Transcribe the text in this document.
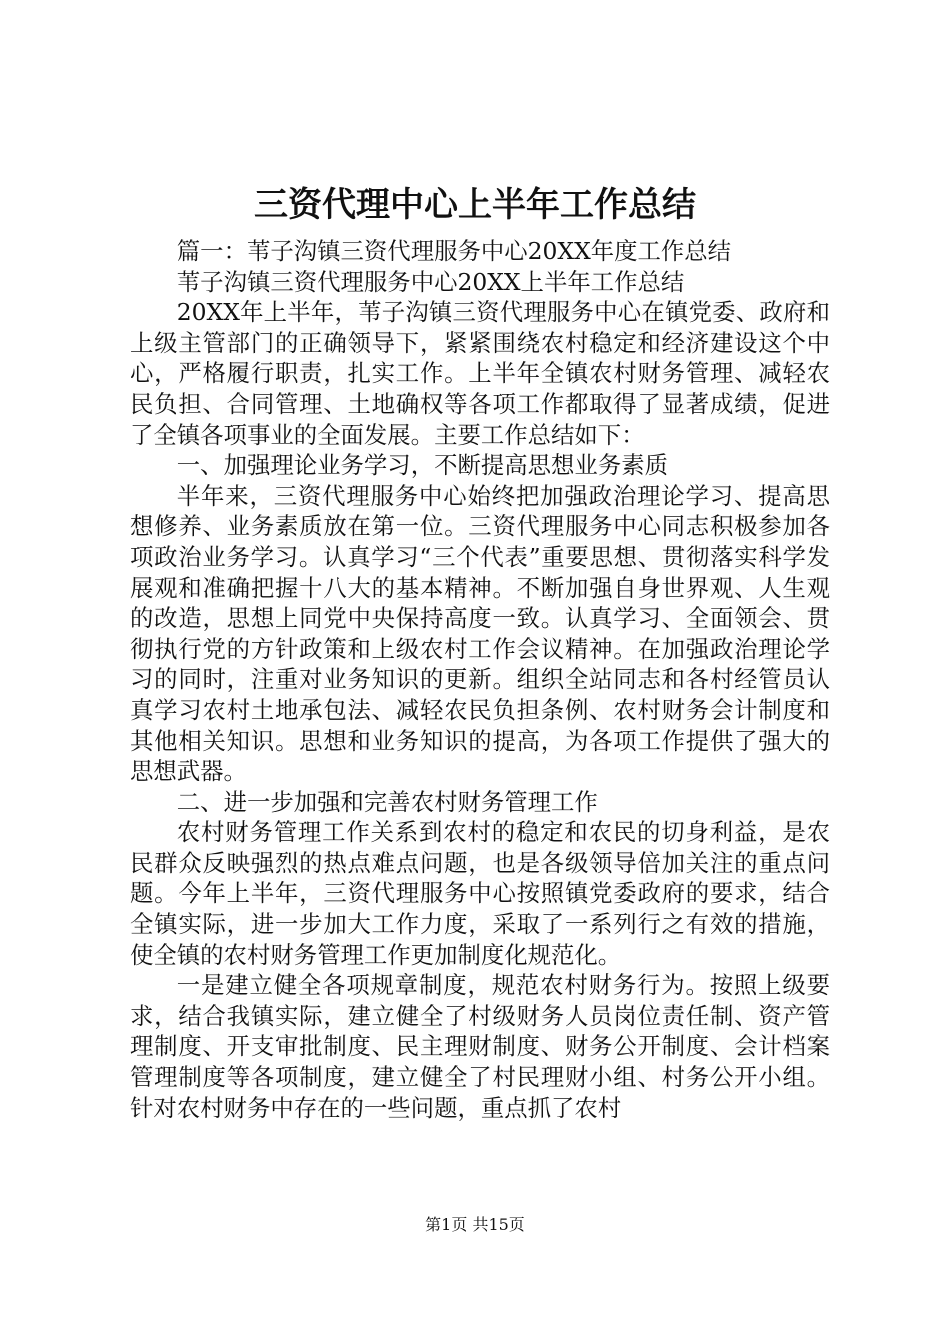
三资代理中心上半年工作总结

篇一：苇子沟镇三资代理服务中心20XX年度工作总结

苇子沟镇三资代理服务中心20XX上半年工作总结

20XX年上半年，苇子沟镇三资代理服务中心在镇党委、政府和上级主管部门的正确领导下，紧紧围绕农村稳定和经济建设这个中心，严格履行职责，扎实工作。上半年全镇农村财务管理、减轻农民负担、合同管理、土地确权等各项工作都取得了显著成绩，促进了全镇各项事业的全面发展。主要工作总结如下：

一、加强理论业务学习，不断提高思想业务素质

半年来，三资代理服务中心始终把加强政治理论学习、提高思想修养、业务素质放在第一位。三资代理服务中心同志积极参加各项政治业务学习。认真学习“三个代表”重要思想、贯彻落实科学发展观和准确把握十八大的基本精神。不断加强自身世界观、人生观的改造，思想上同党中央保持高度一致。认真学习、全面领会、贯彻执行党的方针政策和上级农村工作会议精神。在加强政治理论学习的同时，注重对业务知识的更新。组织全站同志和各村经管员认真学习农村土地承包法、减轻农民负担条例、农村财务会计制度和其他相关知识。思想和业务知识的提高，为各项工作提供了强大的思想武器。

二、进一步加强和完善农村财务管理工作

农村财务管理工作关系到农村的稳定和农民的切身利益，是农民群众反映强烈的热点难点问题，也是各级领导倍加关注的重点问题。今年上半年，三资代理服务中心按照镇党委政府的要求，结合全镇实际，进一步加大工作力度，采取了一系列行之有效的措施，使全镇的农村财务管理工作更加制度化规范化。

一是建立健全各项规章制度，规范农村财务行为。按照上级要求，结合我镇实际，建立健全了村级财务人员岗位责任制、资产管理制度、开支审批制度、民主理财制度、财务公开制度、会计档案管理制度等各项制度，建立健全了村民理财小组、村务公开小组。针对农村财务中存在的一些问题，重点抓了农村

第1页 共15页
